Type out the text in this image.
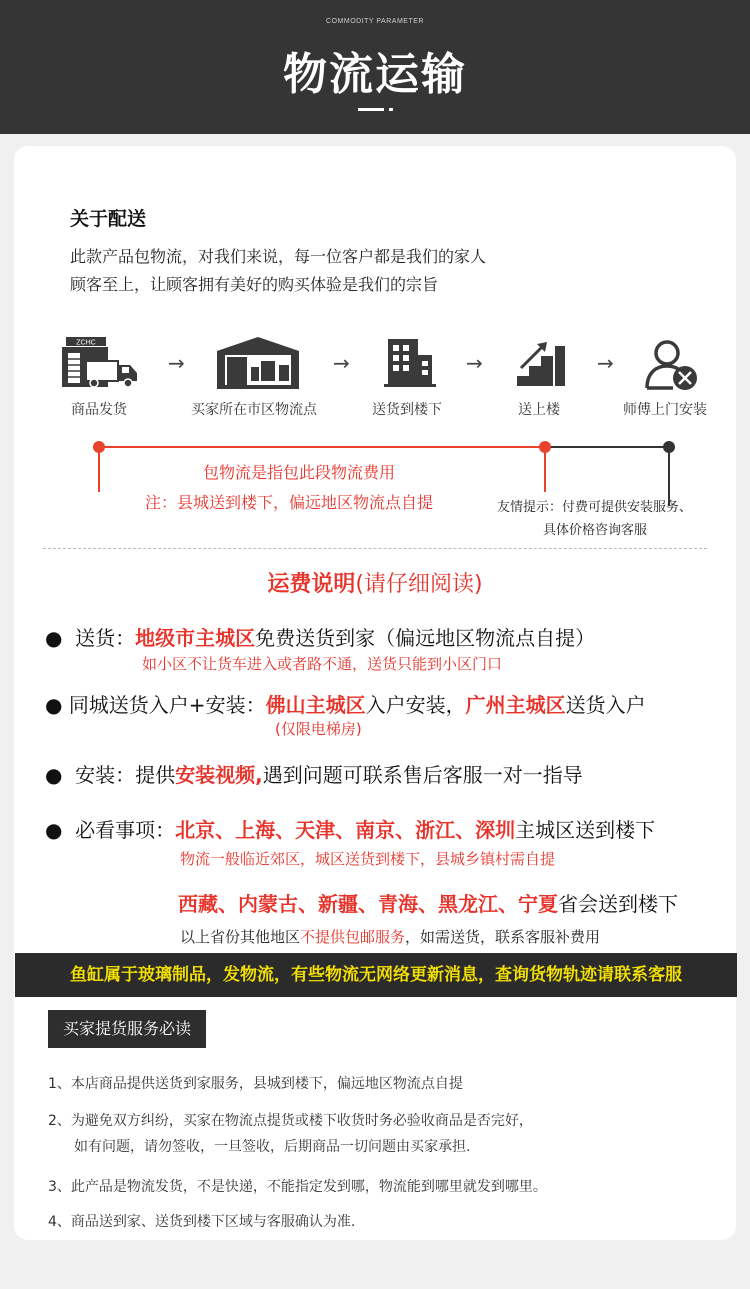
COMMODITY PARAMETER
物流运输
关于配送
此款产品包物流，对我们来说，每一位客户都是我们的家人
顾客至上，让顾客拥有美好的购买体验是我们的宗旨
ZCHC
→	→	→	→
商品发货	买家所在市区物流点	送货到楼下	送上楼	师傅上门安装
包物流是指包此段物流费用
注：县城送到楼下，偏远地区物流点自提	友情提示：付费可提供安装服务、
具体价格咨询客服
运费说明(请仔细阅读)
●  送货：地级市主城区免费送货到家（偏远地区物流点自提）
如小区不让货车进入或者路不通，送货只能到小区门口
● 同城送货入户+安装：佛山主城区入户安装，广州主城区送货入户
(仅限电梯房)
●  安装：提供安装视频,遇到问题可联系售后客服一对一指导
●  必看事项：北京、上海、天津、南京、浙江、深圳主城区送到楼下
物流一般临近郊区，城区送货到楼下，县城乡镇村需自提
西藏、内蒙古、新疆、青海、黑龙江、宁夏省会送到楼下
以上省份其他地区不提供包邮服务，如需送货，联系客服补费用
鱼缸属于玻璃制品，发物流，有些物流无网络更新消息，查询货物轨迹请联系客服
买家提货服务必读
1、本店商品提供送货到家服务，县城到楼下，偏远地区物流点自提
2、为避免双方纠纷，买家在物流点提货或楼下收货时务必验收商品是否完好，
如有问题，请勿签收，一旦签收，后期商品一切问题由买家承担.
3、此产品是物流发货，不是快递，不能指定发到哪，物流能到哪里就发到哪里。
4、商品送到家、送货到楼下区域与客服确认为准.
